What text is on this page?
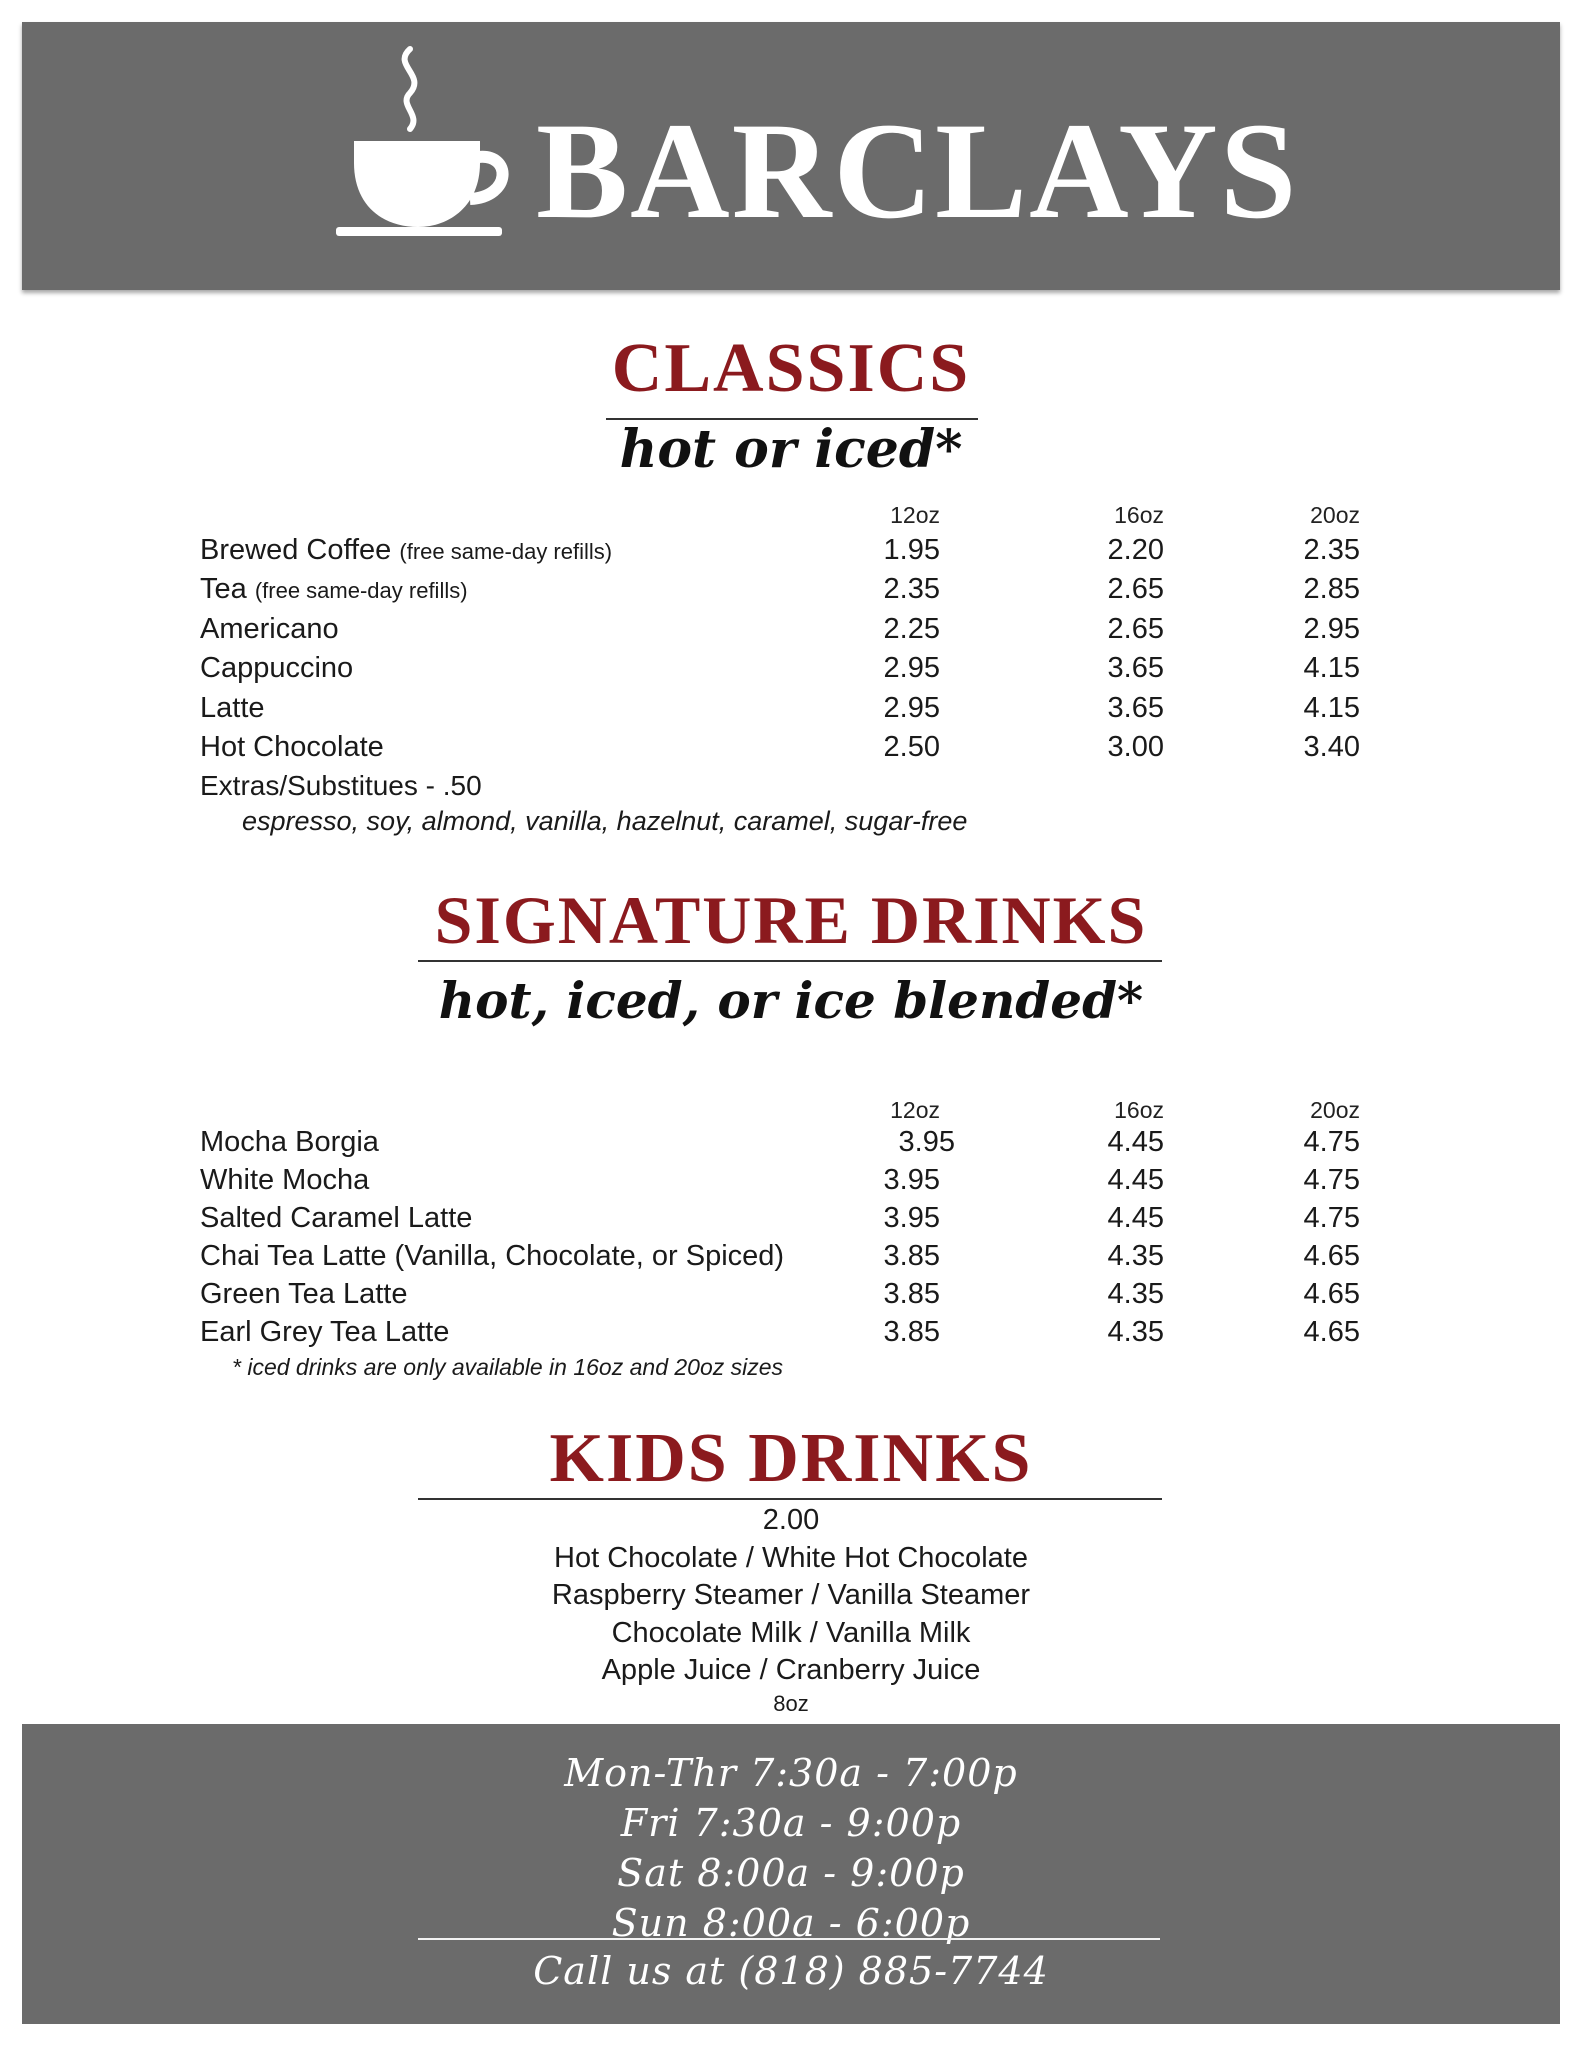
BARCLAYS
CLASSICS
hot or iced*
12oz	16oz	20oz
Brewed Coffee (free same-day refills)	1.95	2.20	2.35
Tea (free same-day refills)	2.35	2.65	2.85
Americano	2.25	2.65	2.95
Cappuccino	2.95	3.65	4.15
Latte	2.95	3.65	4.15
Hot Chocolate	2.50	3.00	3.40
Extras/Substitues - .50
espresso, soy, almond, vanilla, hazelnut, caramel, sugar-free
SIGNATURE DRINKS
hot, iced, or ice blended*
12oz	16oz	20oz
Mocha Borgia	3.95	4.45	4.75
White Mocha	3.95	4.45	4.75
Salted Caramel Latte	3.95	4.45	4.75
Chai Tea Latte (Vanilla, Chocolate, or Spiced)	3.85	4.35	4.65
Green Tea Latte	3.85	4.35	4.65
Earl Grey Tea Latte	3.85	4.35	4.65
* iced drinks are only available in 16oz and 20oz sizes
KIDS DRINKS
2.00
Hot Chocolate / White Hot Chocolate
Raspberry Steamer / Vanilla Steamer
Chocolate Milk / Vanilla Milk
Apple Juice / Cranberry Juice
8oz
Mon-Thr 7:30a - 7:00p
Fri 7:30a - 9:00p
Sat 8:00a - 9:00p
Sun 8:00a - 6:00p
Call us at (818) 885-7744
